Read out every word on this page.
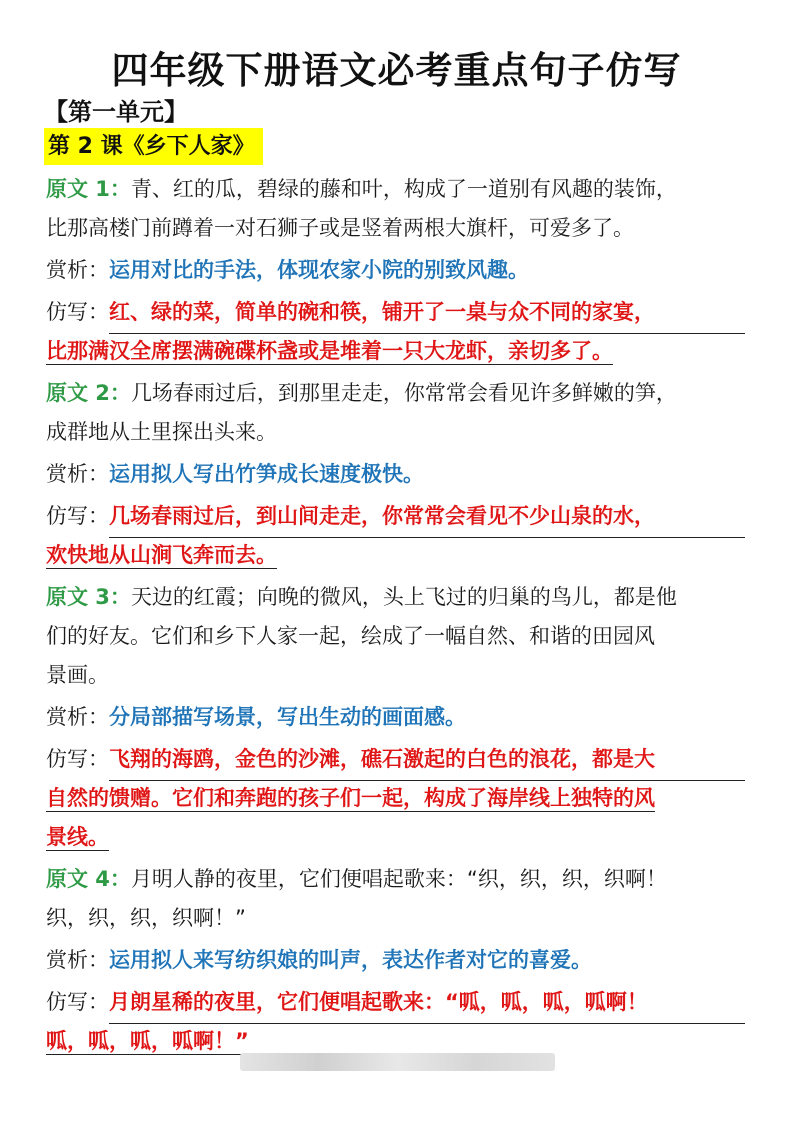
四年级下册语文必考重点句子仿写
【第一单元】
第 2 课《乡下人家》
原文 1：青、红的瓜，碧绿的藤和叶，构成了一道别有风趣的装饰，
比那高楼门前蹲着一对石狮子或是竖着两根大旗杆，可爱多了。
赏析：运用对比的手法，体现农家小院的别致风趣。
仿写：红、绿的菜，简单的碗和筷，铺开了一桌与众不同的家宴，
比那满汉全席摆满碗碟杯盏或是堆着一只大龙虾，亲切多了。
原文 2：几场春雨过后，到那里走走，你常常会看见许多鲜嫩的笋，
成群地从土里探出头来。
赏析：运用拟人写出竹笋成长速度极快。
仿写：几场春雨过后，到山间走走，你常常会看见不少山泉的水，
欢快地从山涧飞奔而去。
原文 3：天边的红霞；向晚的微风，头上飞过的归巢的鸟儿，都是他
们的好友。它们和乡下人家一起，绘成了一幅自然、和谐的田园风
景画。
赏析：分局部描写场景，写出生动的画面感。
仿写：飞翔的海鸥，金色的沙滩，礁石激起的白色的浪花，都是大
自然的馈赠。它们和奔跑的孩子们一起，构成了海岸线上独特的风
景线。
原文 4：月明人静的夜里，它们便唱起歌来：“织，织，织，织啊！
织，织，织，织啊！”
赏析：运用拟人来写纺织娘的叫声，表达作者对它的喜爱。
仿写：月朗星稀的夜里，它们便唱起歌来：“呱，呱，呱，呱啊！
呱，呱，呱，呱啊！”
